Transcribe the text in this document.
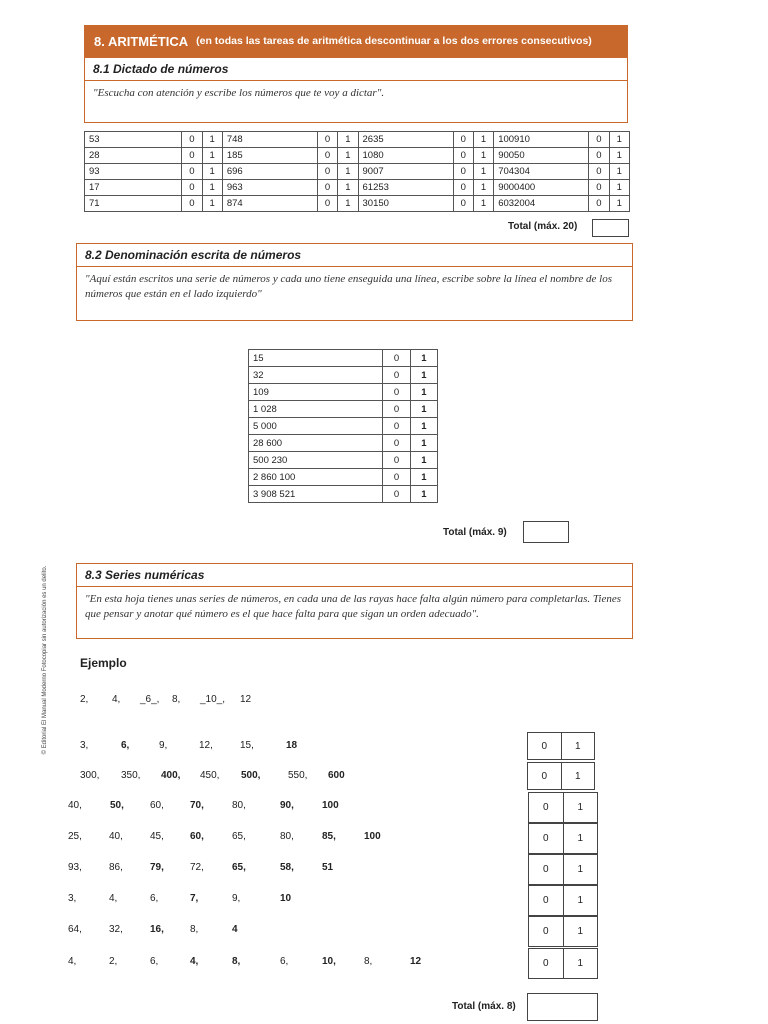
8. ARITMÉTICA (en todas las tareas de aritmética descontinuar a los dos errores consecutivos)
8.1 Dictado de números
"Escucha con atención y escribe los números que te voy a dictar".
53	0	1	748	0	1	2635	0	1	100910	0	1
28	0	1	185	0	1	1080	0	1	90050	0	1
93	0	1	696	0	1	9007	0	1	704304	0	1
17	0	1	963	0	1	61253	0	1	9000400	0	1
71	0	1	874	0	1	30150	0	1	6032004	0	1
Total (máx. 20)
8.2 Denominación escrita de números
"Aquí están escritos una serie de números y cada uno tiene enseguida una línea, escribe sobre la línea el nombre de los números que están en el lado izquierdo"
15	0	1
32	0	1
109	0	1
1 028	0	1
5 000	0	1
28 600	0	1
500 230	0	1
2 860 100	0	1
3 908 521	0	1
Total (máx. 9)
© Editorial El Manual Moderno Fotocopiar sin autorización es un delito.	8.3 Series numéricas
"En esta hoja tienes unas series de números, en cada una de las rayas hace falta algún número para completarlas. Tienes que pensar y anotar qué número es el que hace falta para que sigan un orden adecuado".
Ejemplo
2, 4, _6_, 8, _10_, 12
3,	6,	9,	12,	15,	18	0	1
300, 350, 400, 450, 500,	550, 600	0	1
40,	50,	60,	70,	80,	90,	100	0	1
25,	40,	45,	60,	65,	80,	85,	100	0	1
93,	86,	79,	72,	65,	58,	51	0	1
3,	4,	6,	7,	9,	10	0	1
64,	32,	16,	8,	4	0	1
4,	2,	6,	4,	8,	6,	10,	8,	12	0	1
Total (máx. 8)
